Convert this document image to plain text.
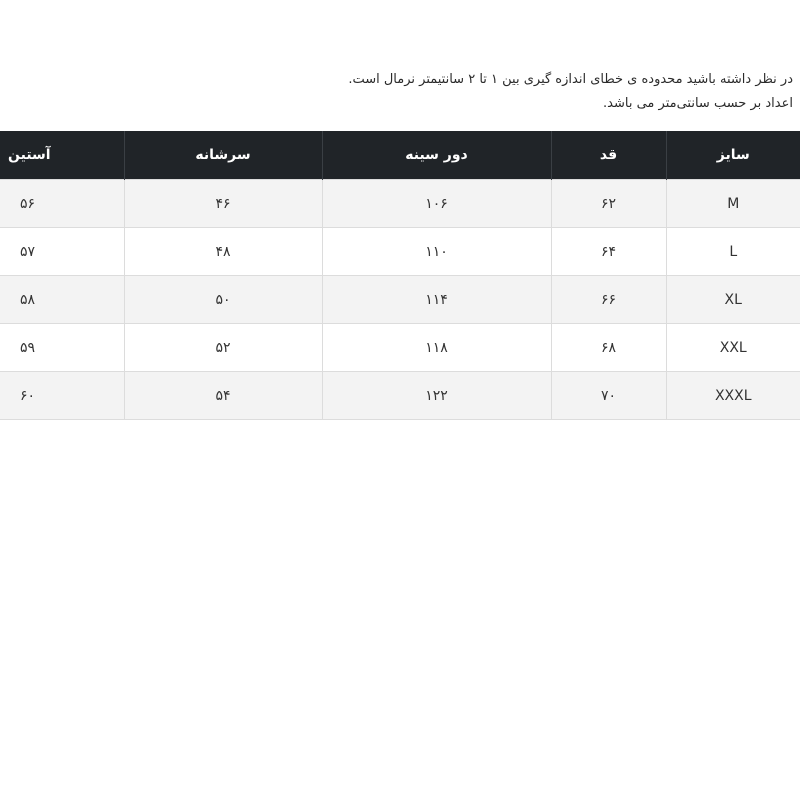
در نظر داشته باشید محدوده ی خطای اندازه گیری بین ۱ تا ۲ سانتیمتر نرمال است.

اعداد بر حسب سانتی‌متر می باشد.

سایز	قد	دور سینه	سرشانه	آستین
M	۶۲	۱۰۶	۴۶	۵۶
L	۶۴	۱۱۰	۴۸	۵۷
XL	۶۶	۱۱۴	۵۰	۵۸
XXL	۶۸	۱۱۸	۵۲	۵۹
XXXL	۷۰	۱۲۲	۵۴	۶۰
